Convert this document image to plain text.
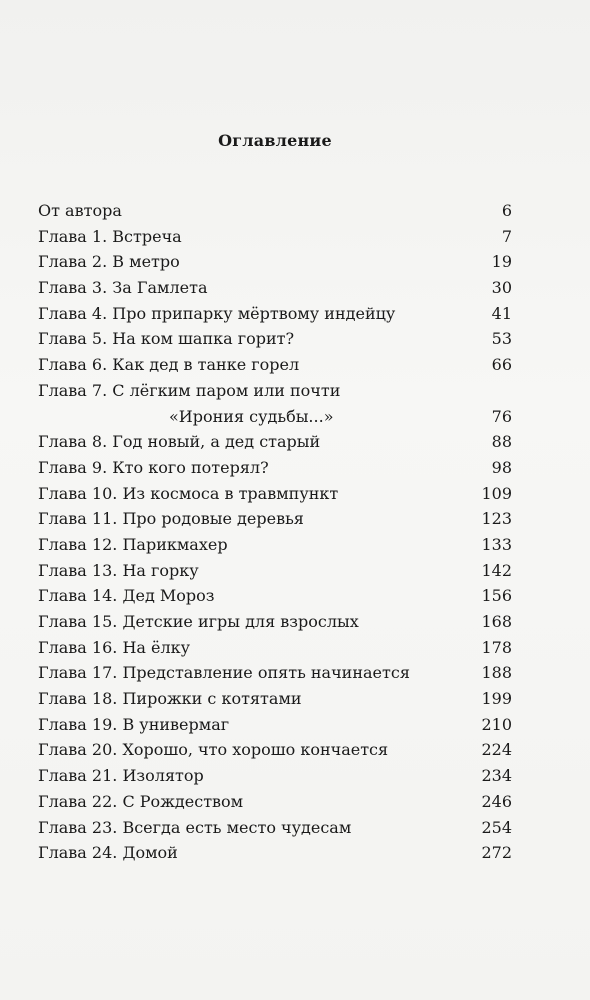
Оглавление
От автора	6
Глава 1. Встреча	7
Глава 2. В метро	19
Глава 3. За Гамлета	30
Глава 4. Про припарку мёртвому индейцу	41
Глава 5. На ком шапка горит?	53
Глава 6. Как дед в танке горел	66
Глава 7. С лёгким паром или почти
«Ирония судьбы...»	76
Глава 8. Год новый, а дед старый	88
Глава 9. Кто кого потерял?	98
Глава 10. Из космоса в травмпункт	109
Глава 11. Про родовые деревья	123
Глава 12. Парикмахер	133
Глава 13. На горку	142
Глава 14. Дед Мороз	156
Глава 15. Детские игры для взрослых	168
Глава 16. На ёлку	178
Глава 17. Представление опять начинается	188
Глава 18. Пирожки с котятами	199
Глава 19. В универмаг	210
Глава 20. Хорошо, что хорошо кончается	224
Глава 21. Изолятор	234
Глава 22. С Рождеством	246
Глава 23. Всегда есть место чудесам	254
Глава 24. Домой	272
